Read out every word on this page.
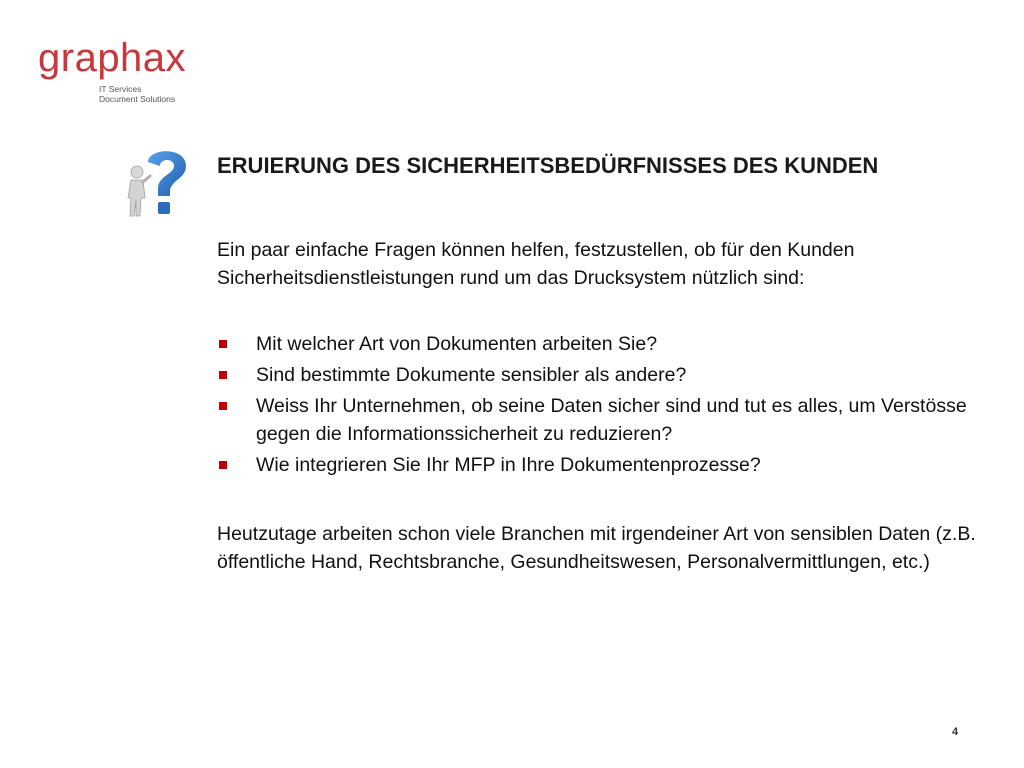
graphax
IT Services
Document Solutions
ERUIERUNG DES SICHERHEITSBEDÜRFNISSES DES KUNDEN

Ein paar einfache Fragen können helfen, festzustellen, ob für den Kunden Sicherheitsdienstleistungen rund um das Drucksystem nützlich sind:

Mit welcher Art von Dokumenten arbeiten Sie?
Sind bestimmte Dokumente sensibler als andere?
Weiss Ihr Unternehmen, ob seine Daten sicher sind und tut es alles, um Verstösse gegen die Informationssicherheit zu reduzieren?
Wie integrieren Sie Ihr MFP in Ihre Dokumentenprozesse?

Heutzutage arbeiten schon viele Branchen mit irgendeiner Art von sensiblen Daten (z.B. öffentliche Hand, Rechtsbranche, Gesundheitswesen, Personalvermittlungen, etc.)

4
